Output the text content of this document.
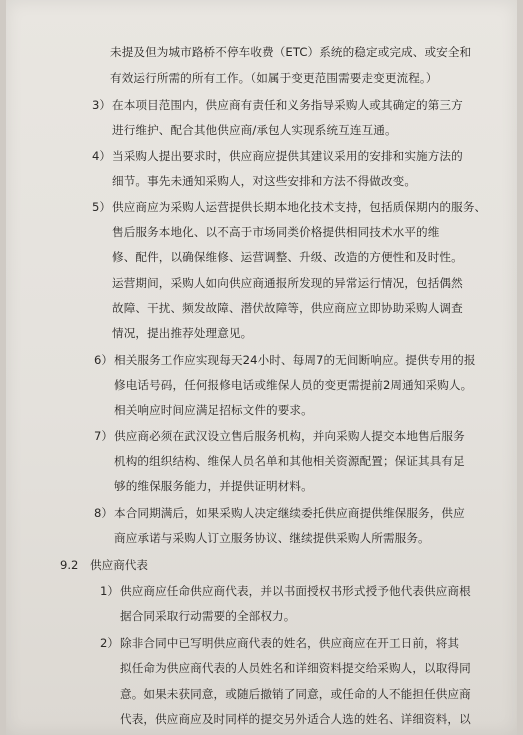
未提及但为城市路桥不停车收费（ETC）系统的稳定或完成、或安全和
有效运行所需的所有工作。（如属于变更范围需要走变更流程。）
3） 在本项目范围内，供应商有责任和义务指导采购人或其确定的第三方
进行维护、配合其他供应商/承包人实现系统互连互通。
4） 当采购人提出要求时，供应商应提供其建议采用的安排和实施方法的
细节。事先未通知采购人，对这些安排和方法不得做改变。
5） 供应商应为采购人运营提供长期本地化技术支持，包括质保期内的服务、
售后服务本地化、以不高于市场同类价格提供相同技术水平的维
修、配件，以确保维修、运营调整、升级、改造的方便性和及时性。
运营期间，采购人如向供应商通报所发现的异常运行情况，包括偶然
故障、干扰、频发故障、潜伏故障等，供应商应立即协助采购人调查
情况，提出推荐处理意见。
6） 相关服务工作应实现每天24小时、每周7的无间断响应。提供专用的报
修电话号码，任何报修电话或维保人员的变更需提前2周通知采购人。
相关响应时间应满足招标文件的要求。
7） 供应商必须在武汉设立售后服务机构，并向采购人提交本地售后服务
机构的组织结构、维保人员名单和其他相关资源配置；保证其具有足
够的维保服务能力，并提供证明材料。
8） 本合同期满后，如果采购人决定继续委托供应商提供维保服务，供应
商应承诺与采购人订立服务协议、继续提供采购人所需服务。
9.2 供应商代表
1） 供应商应任命供应商代表，并以书面授权书形式授予他代表供应商根
据合同采取行动需要的全部权力。
2） 除非合同中已写明供应商代表的姓名，供应商应在开工日前，将其
拟任命为供应商代表的人员姓名和详细资料提交给采购人，以取得同
意。如果未获同意，或随后撤销了同意，或任命的人不能担任供应商
代表，供应商应及时同样的提交另外适合人选的姓名、详细资料，以
